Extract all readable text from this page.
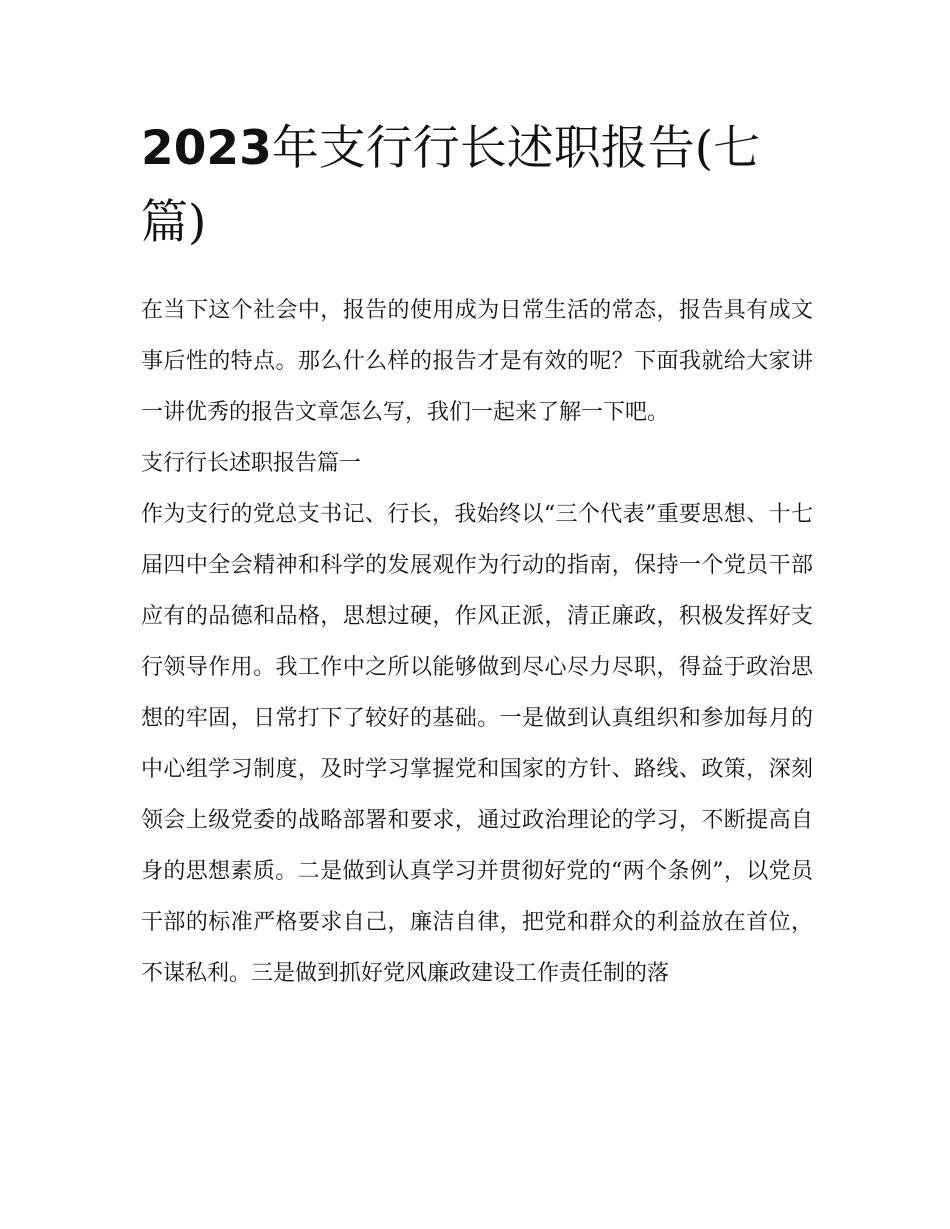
2023年支行行长述职报告(七篇)

在当下这个社会中，报告的使用成为日常生活的常态，报告具有成文事后性的特点。那么什么样的报告才是有效的呢？下面我就给大家讲一讲优秀的报告文章怎么写，我们一起来了解一下吧。

支行行长述职报告篇一

作为支行的党总支书记、行长，我始终以“三个代表”重要思想、十七届四中全会精神和科学的发展观作为行动的指南，保持一个党员干部应有的品德和品格，思想过硬，作风正派，清正廉政，积极发挥好支行领导作用。我工作中之所以能够做到尽心尽力尽职，得益于政治思想的牢固，日常打下了较好的基础。一是做到认真组织和参加每月的中心组学习制度，及时学习掌握党和国家的方针、路线、政策，深刻领会上级党委的战略部署和要求，通过政治理论的学习，不断提高自身的思想素质。二是做到认真学习并贯彻好党的“两个条例”，以党员干部的标准严格要求自己，廉洁自律，把党和群众的利益放在首位，不谋私利。三是做到抓好党风廉政建设工作责任制的落
